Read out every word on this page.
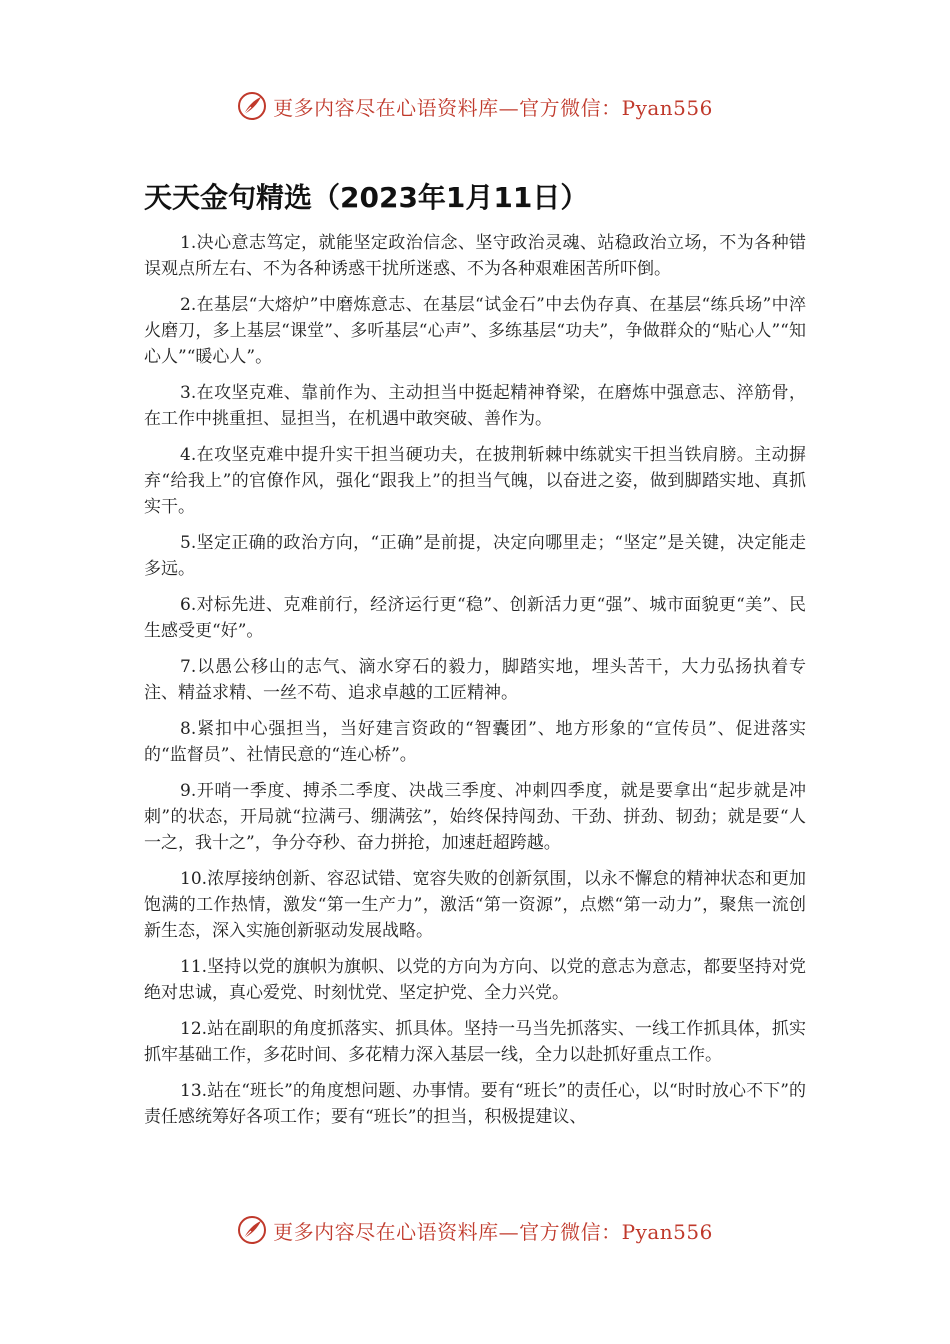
更多内容尽在心语资料库—官方微信：Pyan556
天天金句精选（2023年1月11日）

1.决心意志笃定，就能坚定政治信念、坚守政治灵魂、站稳政治立场，不为各种错误观点所左右、不为各种诱惑干扰所迷惑、不为各种艰难困苦所吓倒。

2.在基层“大熔炉”中磨炼意志、在基层“试金石”中去伪存真、在基层“练兵场”中淬火磨刀，多上基层“课堂”、多听基层“心声”、多练基层“功夫”，争做群众的“贴心人”“知心人”“暖心人”。

3.在攻坚克难、靠前作为、主动担当中挺起精神脊梁，在磨炼中强意志、淬筋骨，在工作中挑重担、显担当，在机遇中敢突破、善作为。

4.在攻坚克难中提升实干担当硬功夫，在披荆斩棘中练就实干担当铁肩膀。主动摒弃“给我上”的官僚作风，强化“跟我上”的担当气魄，以奋进之姿，做到脚踏实地、真抓实干。

5.坚定正确的政治方向，“正确”是前提，决定向哪里走；“坚定”是关键，决定能走多远。

6.对标先进、克难前行，经济运行更“稳”、创新活力更“强”、城市面貌更“美”、民生感受更“好”。

7.以愚公移山的志气、滴水穿石的毅力，脚踏实地，埋头苦干，大力弘扬执着专注、精益求精、一丝不苟、追求卓越的工匠精神。

8.紧扣中心强担当，当好建言资政的“智囊团”、地方形象的“宣传员”、促进落实的“监督员”、社情民意的“连心桥”。

9.开哨一季度、搏杀二季度、决战三季度、冲刺四季度，就是要拿出“起步就是冲刺”的状态，开局就“拉满弓、绷满弦”，始终保持闯劲、干劲、拼劲、韧劲；就是要“人一之，我十之”，争分夺秒、奋力拼抢，加速赶超跨越。

10.浓厚接纳创新、容忍试错、宽容失败的创新氛围，以永不懈怠的精神状态和更加饱满的工作热情，激发“第一生产力”，激活“第一资源”，点燃“第一动力”，聚焦一流创新生态，深入实施创新驱动发展战略。

11.坚持以党的旗帜为旗帜、以党的方向为方向、以党的意志为意志，都要坚持对党绝对忠诚，真心爱党、时刻忧党、坚定护党、全力兴党。

12.站在副职的角度抓落实、抓具体。坚持一马当先抓落实、一线工作抓具体，抓实抓牢基础工作，多花时间、多花精力深入基层一线，全力以赴抓好重点工作。

13.站在“班长”的角度想问题、办事情。要有“班长”的责任心，以“时时放心不下”的责任感统筹好各项工作；要有“班长”的担当，积极提建议、

更多内容尽在心语资料库—官方微信：Pyan556
